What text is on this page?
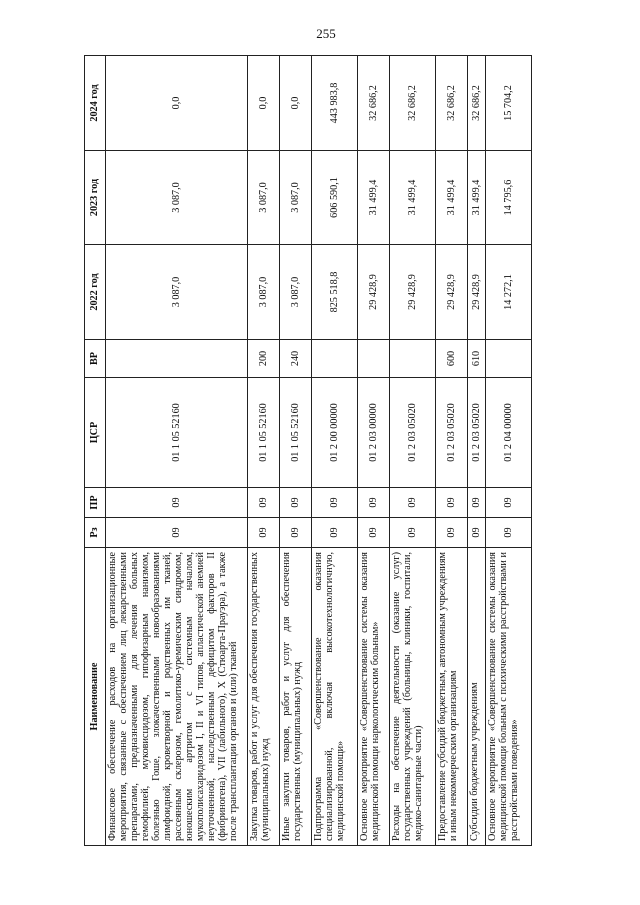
255
Наименование	Рз	ПР	ЦСР	ВР	2022 год	2023 год	2024 год
Финансовое обеспечение расходов на организационные мероприятия, связанные с обеспечением лиц лекарственными препаратами, предназначенными для лечения больных гемофилией, муковисцидозом, гипофизарным нанизмом, болезнью Гоше, злокачественными новообразованиями лимфоидной, кроветворной и родственных им тканей, рассеянным склерозом, гемолитико-уремическим синдромом, юношеским артритом с системным началом, мукополисахаридозом I, II и VI типов, апластической анемией неуточненной, наследственным дефицитом факторов II (фибриногена), VII (лабильного), X (Стюарта-Прауэра), а также после трансплантации органов и (или) тканей	09	09	01 1 05 52160		3 087,0	3 087,0	0,0
Закупка товаров, работ и услуг для обеспечения государственных (муниципальных) нужд	09	09	01 1 05 52160	200	3 087,0	3 087,0	0,0
Иные закупки товаров, работ и услуг для обеспечения государственных (муниципальных) нужд	09	09	01 1 05 52160	240	3 087,0	3 087,0	0,0
Подпрограмма «Совершенствование оказания специализированной, включая высокотехнологичную, медицинской помощи»	09	09	01 2 00 00000		825 518,8	606 590,1	443 983,8
Основное мероприятие «Совершенствование системы оказания медицинской помощи наркологическим больным»	09	09	01 2 03 00000		29 428,9	31 499,4	32 686,2
Расходы на обеспечение деятельности (оказание услуг) государственных учреждений (больницы, клиники, госпитали, медико-санитарные части)	09	09	01 2 03 05020		29 428,9	31 499,4	32 686,2
Предоставление субсидий бюджетным, автономным учреждениям и иным некоммерческим организациям	09	09	01 2 03 05020	600	29 428,9	31 499,4	32 686,2
Субсидии бюджетным учреждениям	09	09	01 2 03 05020	610	29 428,9	31 499,4	32 686,2
Основное мероприятие «Совершенствование системы оказания медицинской помощи больным с психическими расстройствами и расстройствами поведения»	09	09	01 2 04 00000		14 272,1	14 795,6	15 704,2
